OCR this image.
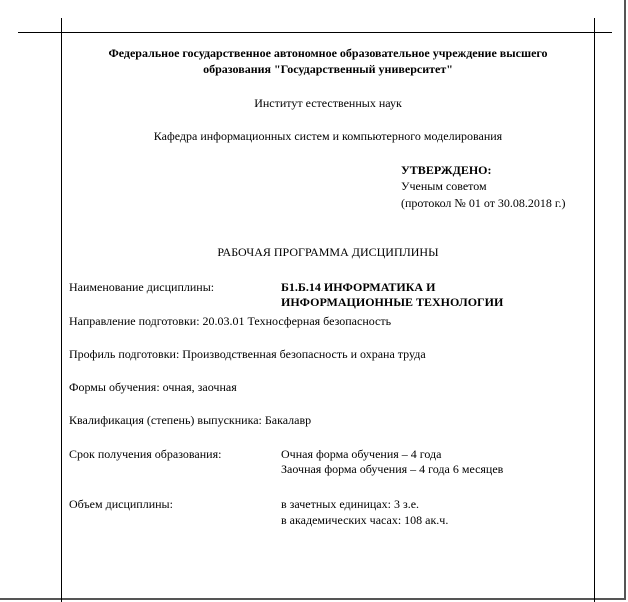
Федеральное государственное автономное образовательное учреждение высшего
образования "Государственный университет"
Институт естественных наук
Кафедра информационных систем и компьютерного моделирования
УТВЕРЖДЕНО:
Ученым советом
(протокол № 01 от 30.08.2018 г.)
РАБОЧАЯ ПРОГРАММА ДИСЦИПЛИНЫ
Наименование дисциплины:	Б1.Б.14 ИНФОРМАТИКА И
ИНФОРМАЦИОННЫЕ ТЕХНОЛОГИИ
Направление подготовки: 20.03.01 Техносферная безопасность
Профиль подготовки: Производственная безопасность и охрана труда
Формы обучения: очная, заочная
Квалификация (степень) выпускника: Бакалавр
Срок получения образования:	Очная форма обучения – 4 года
Заочная форма обучения – 4 года 6 месяцев
Объем дисциплины:	в зачетных единицах: 3 з.е.
в академических часах: 108 ак.ч.
